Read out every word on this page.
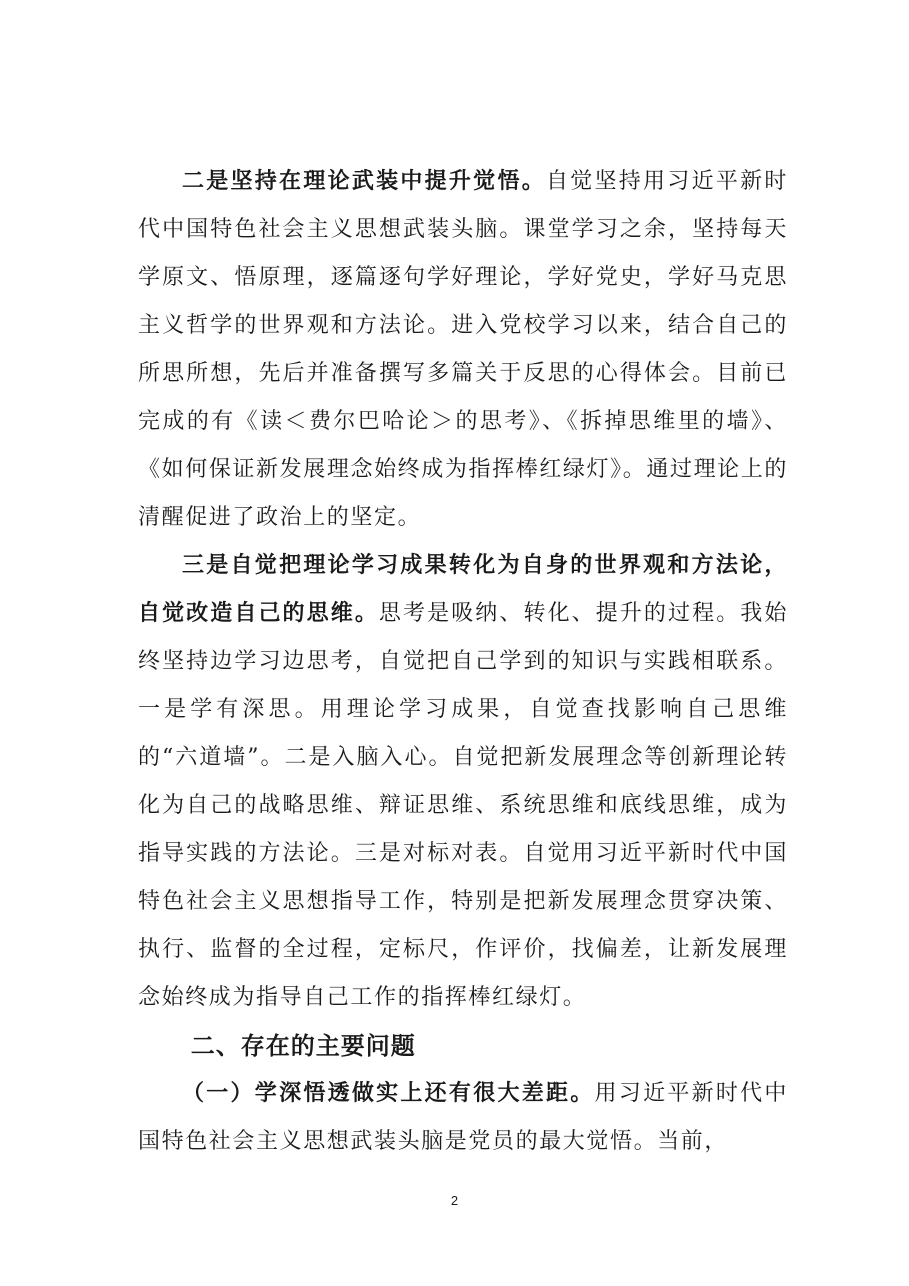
二是坚持在理论武装中提升觉悟。自觉坚持用习近平新时代中国特色社会主义思想武装头脑。课堂学习之余，坚持每天学原文、悟原理，逐篇逐句学好理论，学好党史，学好马克思主义哲学的世界观和方法论。进入党校学习以来，结合自己的所思所想，先后并准备撰写多篇关于反思的心得体会。目前已完成的有《读＜费尔巴哈论＞的思考》、《拆掉思维里的墙》、《如何保证新发展理念始终成为指挥棒红绿灯》。通过理论上的清醒促进了政治上的坚定。

三是自觉把理论学习成果转化为自身的世界观和方法论，自觉改造自己的思维。思考是吸纳、转化、提升的过程。我始终坚持边学习边思考，自觉把自己学到的知识与实践相联系。一是学有深思。用理论学习成果，自觉查找影响自己思维的“六道墙”。二是入脑入心。自觉把新发展理念等创新理论转化为自己的战略思维、辩证思维、系统思维和底线思维，成为指导实践的方法论。三是对标对表。自觉用习近平新时代中国特色社会主义思想指导工作，特别是把新发展理念贯穿决策、执行、监督的全过程，定标尺，作评价，找偏差，让新发展理念始终成为指导自己工作的指挥棒红绿灯。

二、存在的主要问题

（一）学深悟透做实上还有很大差距。用习近平新时代中国特色社会主义思想武装头脑是党员的最大觉悟。当前，

2
